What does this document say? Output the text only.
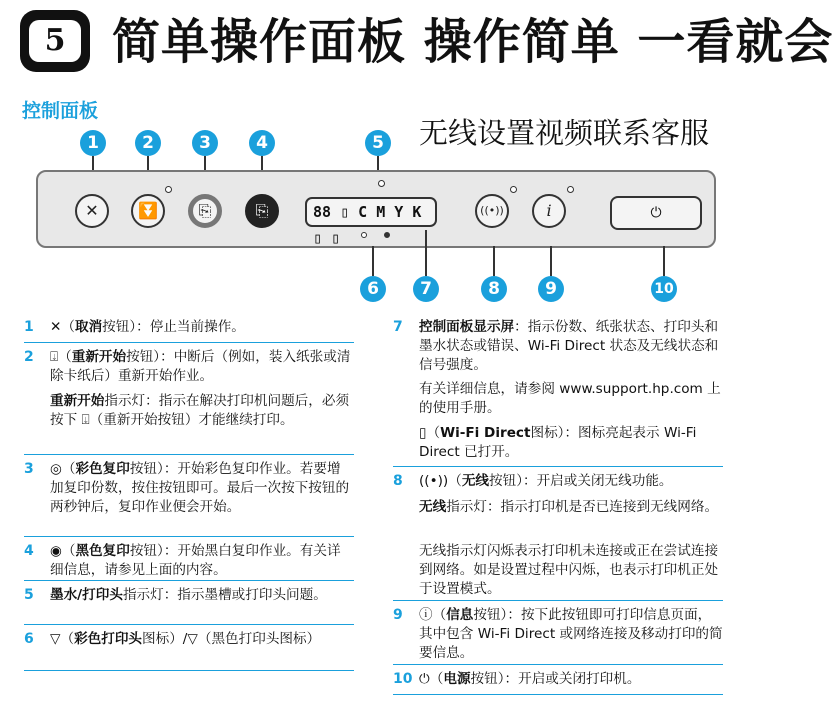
5 简单操作面板 操作简单 一看就会
控制面板
无线设置视频联系客服
1	2	3	4	5
✕	⏬	⎘	⎘	88 ▯ C M Y K ▯ ▯
((•))	i	⏻
6	7	8	9	10
1 ✕（取消按钮）：停止当前操作。
2 ⍗（重新开始按钮）：中断后（例如，装入纸张或清除卡纸后）重新开始作业。
重新开始指示灯：指示在解决打印机问题后，必须按下 ⍗（重新开始按钮）才能继续打印。
3 ◎（彩色复印按钮）：开始彩色复印作业。若要增加复印份数，按住按钮即可。最后一次按下按钮的两秒钟后，复印作业便会开始。
4 ◉（黑色复印按钮）：开始黑白复印作业。有关详细信息，请参见上面的内容。
5 墨水/打印头指示灯：指示墨槽或打印头问题。
6 ▽（彩色打印头图标）/▽（黑色打印头图标）
7 控制面板显示屏：指示份数、纸张状态、打印头和墨水状态或错误、Wi-Fi Direct 状态及无线状态和信号强度。
有关详细信息，请参阅 www.support.hp.com 上的使用手册。
▯（Wi-Fi Direct图标）：图标亮起表示 Wi-Fi Direct 已打开。
8 ((•))（无线按钮）：开启或关闭无线功能。
无线指示灯：指示打印机是否已连接到无线网络。
无线指示灯闪烁表示打印机未连接或正在尝试连接到网络。如是设置过程中闪烁，也表示打印机正处于设置模式。
9 ⓘ（信息按钮）：按下此按钮即可打印信息页面，其中包含 Wi-Fi Direct 或网络连接及移动打印的简要信息。
10 ⏻（电源按钮）：开启或关闭打印机。
